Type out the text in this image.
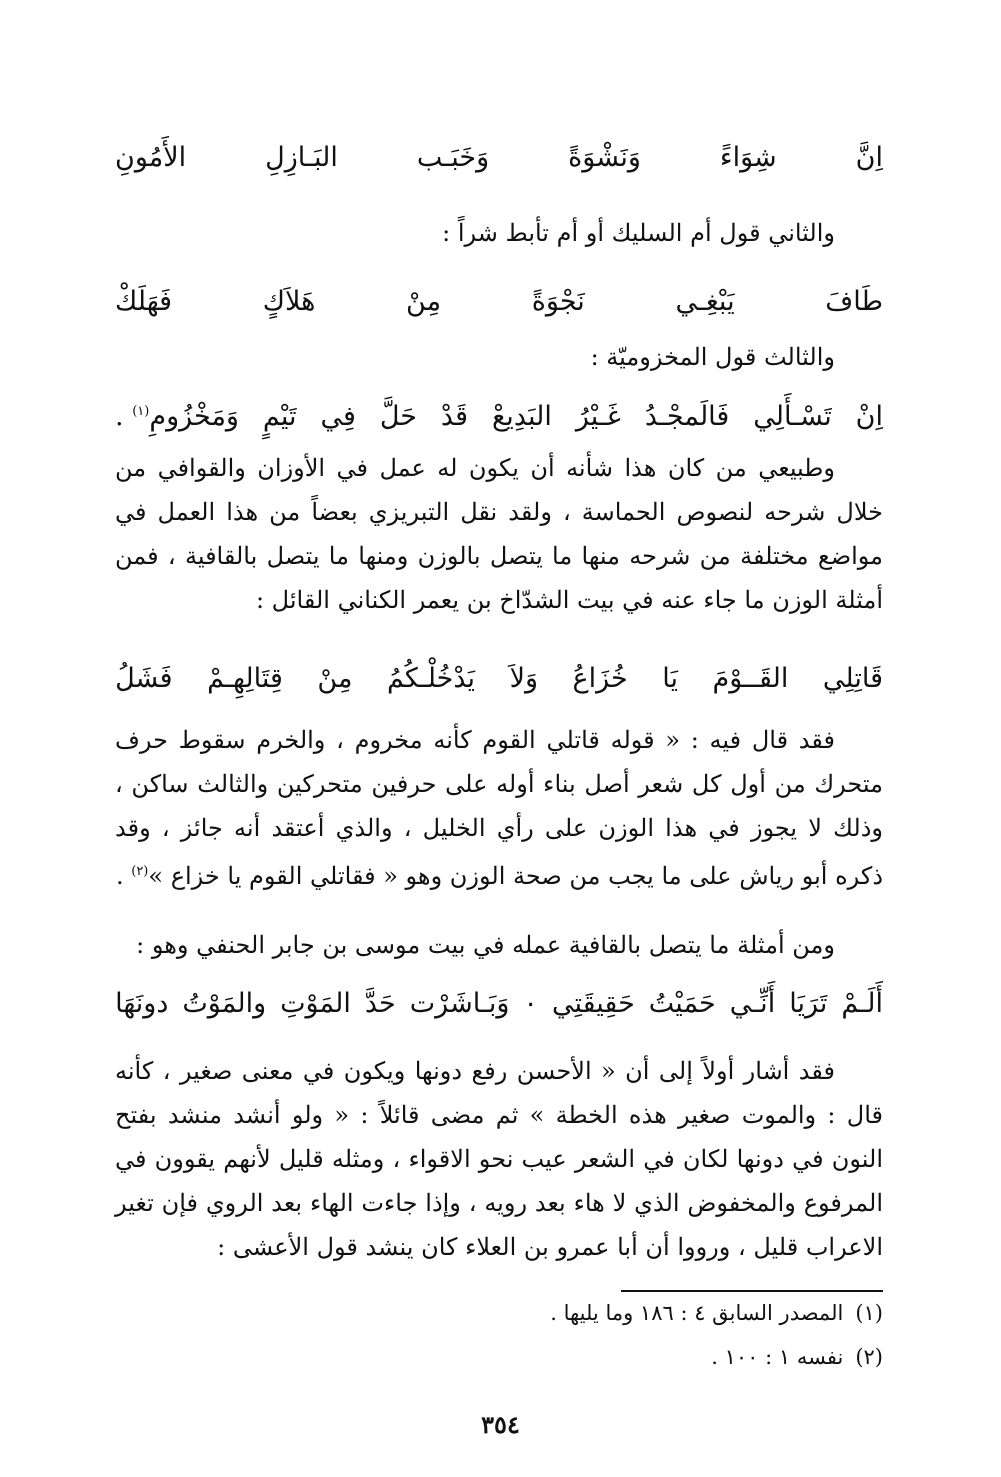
اِنَّ
شِوَاءً
وَنَشْوَةً
وَخَبَـب
البَـازِلِ
الأَمُونِ
والثاني قول أم السليك أو أم تأبط شراً :
طَافَ
يَبْغِـي
نَجْوَةً
مِنْ
هَلاَكٍ
فَهَلَكْ
والثالث قول المخزوميّة :
اِنْ
تَسْـأَلِي
فَالَمجْـدُ
غَـيْرُ
البَدِيعْ
قَدْ
حَلَّ
فِي
تَيْمٍ
وَمَخْزُومِ$^{(١)}$ .
وطبيعي من كان هذا شأنه أن يكون له عمل في الأوزان والقوافي من خلال شرحه لنصوص الحماسة ، ولقد نقل التبريزي بعضاً من هذا العمل في مواضع مختلفة من شرحه منها ما يتصل بالوزن ومنها ما يتصل بالقافية ، فمن أمثلة الوزن ما جاء عنه في بيت الشدّاخ بن يعمر الكناني القائل :
قَاتِلِي
القَــوْمَ
يَا
خُزَاعُ
وَلاَ
يَدْخُلْـكُمُ
مِنْ
قِتَالِهِـمْ
فَشَلُ
فقد قال فيه : « قوله قاتلي القوم كأنه مخروم ، والخرم سقوط حرف متحرك من أول كل شعر أصل بناء أوله على حرفين متحركين والثالث ساكن ، وذلك لا يجوز في هذا الوزن على رأي الخليل ، والذي أعتقد أنه جائز ، وقد ذكره أبو رياش على ما يجب من صحة الوزن وهو « فقاتلي القوم يا خزاع »$^{(٢)}$ .
ومن أمثلة ما يتصل بالقافية عمله في بيت موسى بن جابر الحنفي وهو :
أَلَـمْ
تَرَيَا
أَنِّـي
حَمَيْتُ
حَقِيقَتِي
٠
وَبَـاشَرْت
حَدَّ
المَوْتِ
والمَوْتُ
دونَهَا
فقد أشار أولاً إلى أن « الأحسن رفع دونها ويكون في معنى صغير ، كأنه قال : والموت صغير هذه الخطة » ثم مضى قائلاً : « ولو أنشد منشد بفتح النون في دونها لكان في الشعر عيب نحو الاقواء ، ومثله قليل لأنهم يقوون في المرفوع والمخفوض الذي لا هاء بعد رويه ، وإذا جاءت الهاء بعد الروي فإن تغير الاعراب قليل ، ورووا أن أبا عمرو بن العلاء كان ينشد قول الأعشى :
(١)المصدر السابق ٤ : ١٨٦ وما يليها .
(٢)نفسه ١ : ١٠٠ .
٣٥٤
